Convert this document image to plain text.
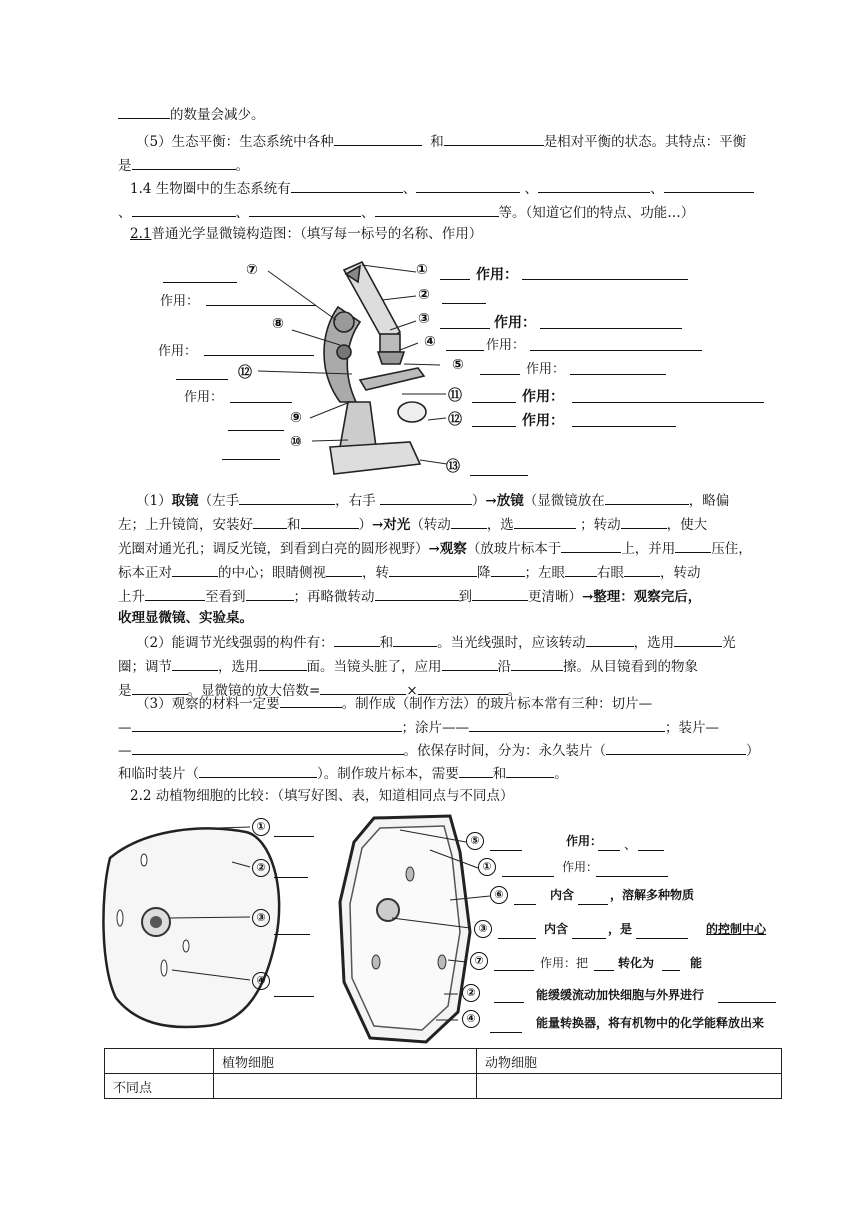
的数量会减少。
（5）生态平衡：生态系统中各种	和	是相对平衡的状态。其特点：平衡
是	。
1.4 生物圈中的生态系统有	、	、	、
、	、	、	等。（知道它们的特点、功能…）
2.1普通光学显微镜构造图：（填写每一标号的名称、作用）
⑦
作用：
⑧
作用：
⑫
作用：
⑨
⑩
①	作用：
②
③	作用：
④	作用：
⑤	作用：
⑪	作用：
⑫	作用：
⑬
（1）取镜（左手	，右手	）→放镜（显微镜放在	，略偏
左；上升镜筒，安装好	和	）→对光（转动	，选	；转动	，使大
光圈对通光孔；调反光镜，到看到白亮的圆形视野）→观察（放玻片标本于	上，并用	压住，
标本正对	的中心；眼睛侧视	，转	降	；左眼 右眼	，转动
上升	至看到	；再略微转动	到	更清晰）→整理：观察完后，
收理显微镜、实验桌。
（2）能调节光线强弱的构件有：	和	。当光线强时，应该转动	，选用	光
圈；调节	，选用	面。当镜头脏了，应用	沿	擦。从目镜看到的物象
是	。显微镜的放大倍数=	×	。
（3）观察的材料一定要	。制作成（制作方法）的玻片标本常有三种：切片—
—	；涂片——	；装片—
—	。依保存时间，分为：永久装片（	）
和临时装片（	）。制作玻片标本，需要	和	。
2.2 动植物细胞的比较：（填写好图、表，知道相同点与不同点）
①
②
③
④
⑤	作用： 、
①	作用：
⑥	内含	，溶解多种物质
③	内含	，是	的控制中心
⑦	作用：把 转化为	能
②	能缓缓流动加快细胞与外界进行
④	能量转换器，将有机物中的化学能释放出来
	植物细胞	动物细胞
不同点		
